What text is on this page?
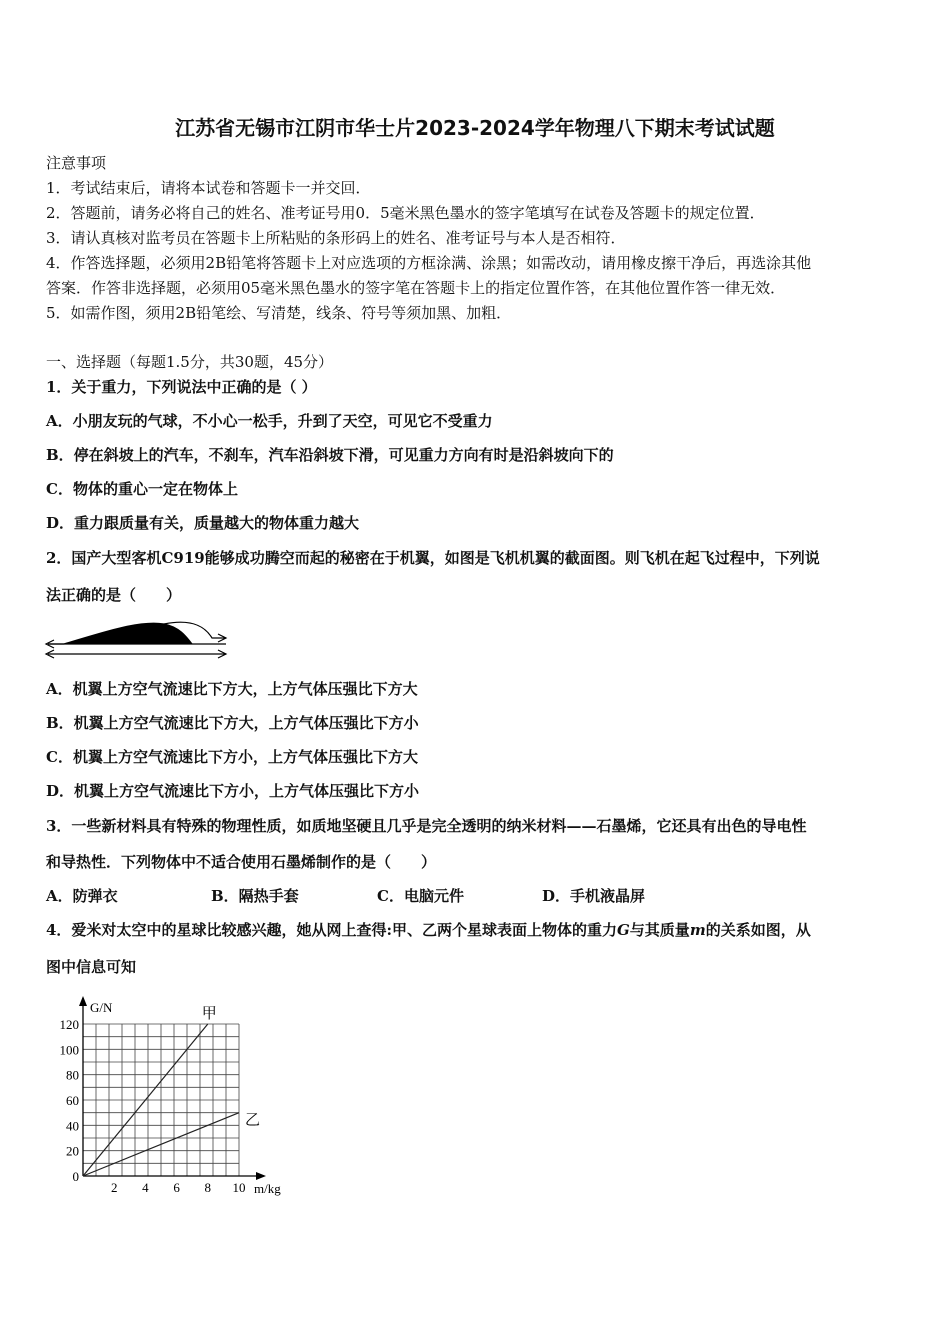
江苏省无锡市江阴市华士片2023-2024学年物理八下期末考试试题
注意事项
1．考试结束后，请将本试卷和答题卡一并交回．
2．答题前，请务必将自己的姓名、准考证号用0．5毫米黑色墨水的签字笔填写在试卷及答题卡的规定位置．
3．请认真核对监考员在答题卡上所粘贴的条形码上的姓名、准考证号与本人是否相符．
4．作答选择题，必须用2B铅笔将答题卡上对应选项的方框涂满、涂黑；如需改动，请用橡皮擦干净后，再选涂其他
答案．作答非选择题，必须用05毫米黑色墨水的签字笔在答题卡上的指定位置作答，在其他位置作答一律无效．
5．如需作图，须用2B铅笔绘、写清楚，线条、符号等须加黑、加粗．
一、选择题（每题1.5分，共30题，45分）
1．关于重力，下列说法中正确的是（ ）
A．小朋友玩的气球，不小心一松手，升到了天空，可见它不受重力
B．停在斜坡上的汽车，不刹车，汽车沿斜坡下滑，可见重力方向有时是沿斜坡向下的
C．物体的重心一定在物体上
D．重力跟质量有关，质量越大的物体重力越大
2．国产大型客机C919能够成功腾空而起的秘密在于机翼，如图是飞机机翼的截面图。则飞机在起飞过程中，下列说
法正确的是（　　）
A．机翼上方空气流速比下方大，上方气体压强比下方大
B．机翼上方空气流速比下方大，上方气体压强比下方小
C．机翼上方空气流速比下方小，上方气体压强比下方大
D．机翼上方空气流速比下方小，上方气体压强比下方小
3．一些新材料具有特殊的物理性质，如质地坚硬且几乎是完全透明的纳米材料——石墨烯，它还具有出色的导电性
和导热性．下列物体中不适合使用石墨烯制作的是（　　）
A．防弹衣	B．隔热手套	C．电脑元件	D．手机液晶屏
4．爱米对太空中的星球比较感兴趣，她从网上查得:甲、乙两个星球表面上物体的重力G与其质量m的关系如图，从
图中信息可知
0
20
40
60
80
100
120
2 4 6 8 10
甲
乙
G/N
m/kg
